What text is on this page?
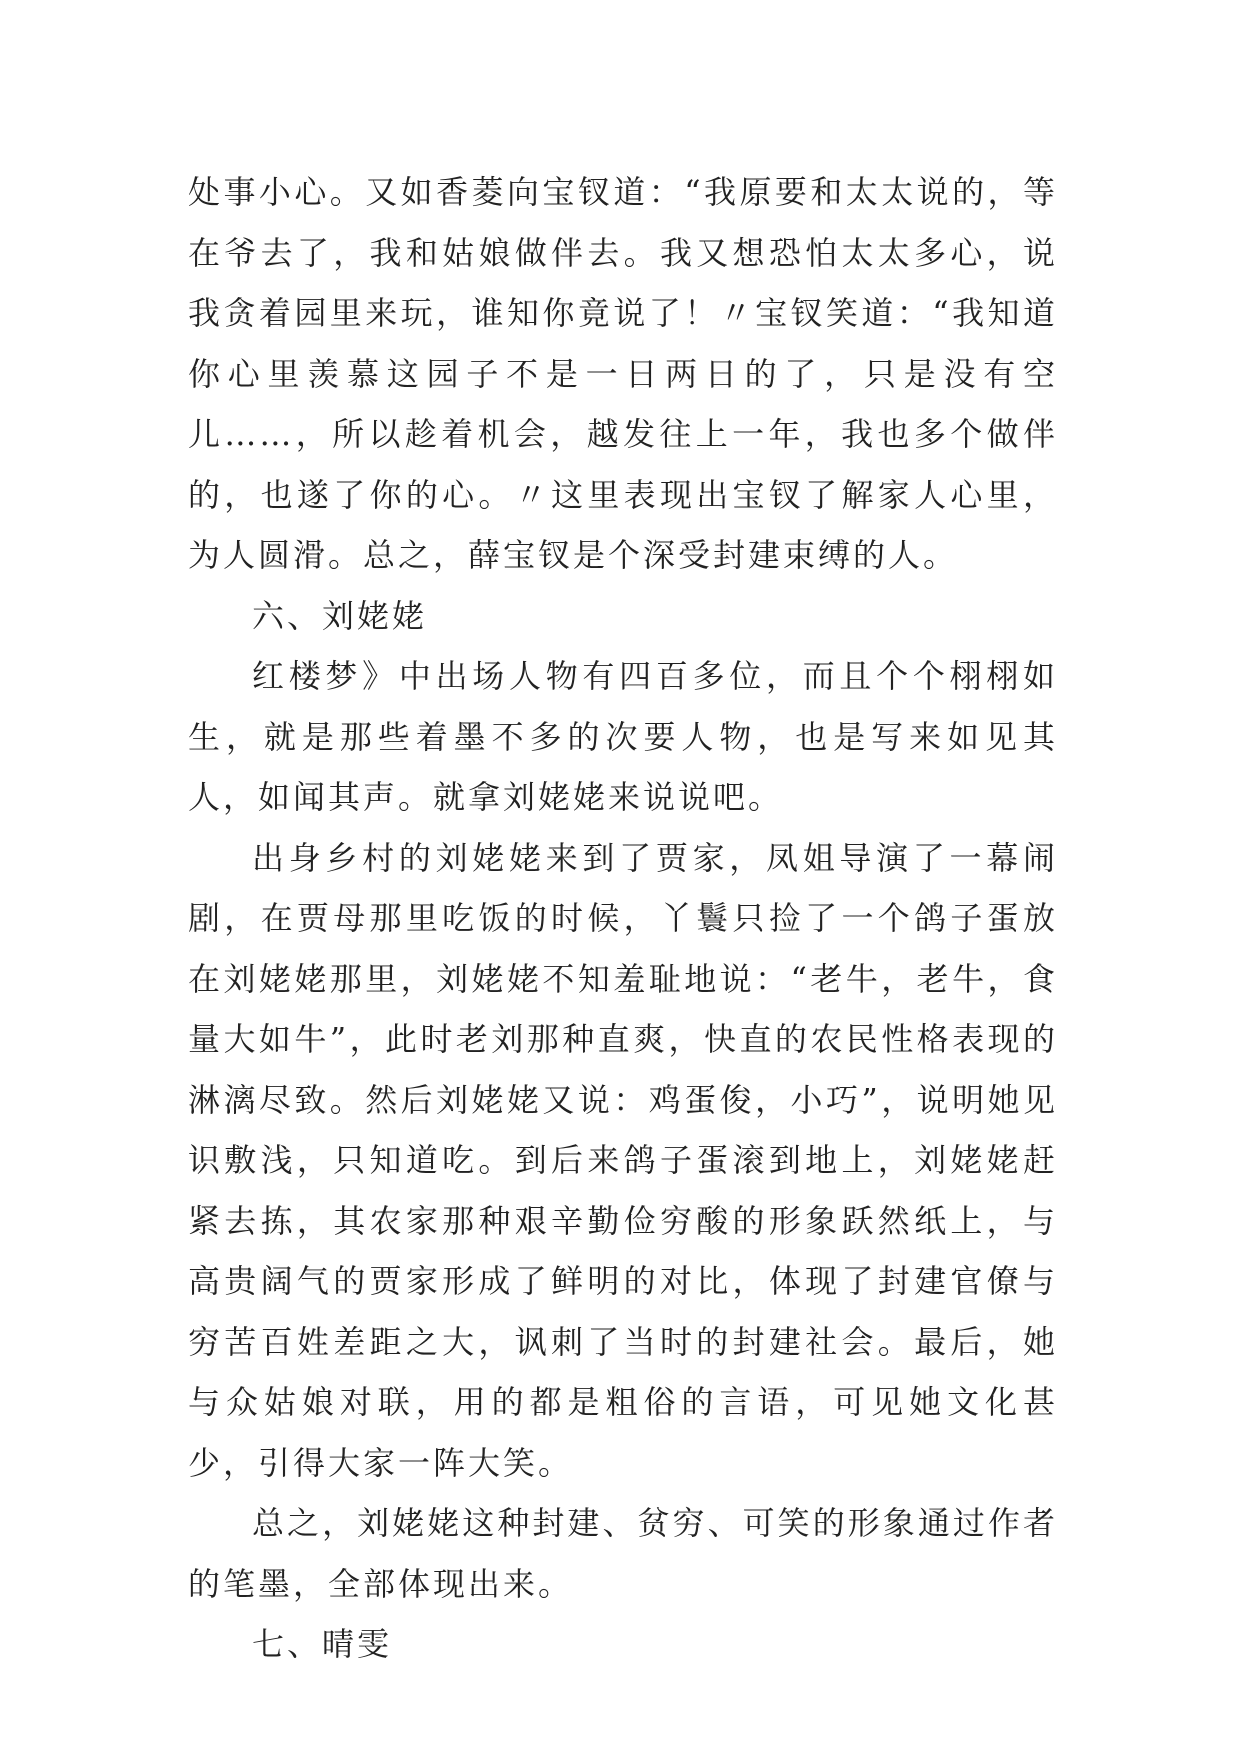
处事小心。又如香菱向宝钗道：“我原要和太太说的，等在爷去了，我和姑娘做伴去。我又想恐怕太太多心，说我贪着园里来玩，谁知你竟说了！〃宝钗笑道：“我知道你心里羡慕这园子不是一日两日的了，只是没有空儿……，所以趁着机会，越发往上一年，我也多个做伴的，也遂了你的心。〃这里表现出宝钗了解家人心里，为人圆滑。总之，薛宝钗是个深受封建束缚的人。

六、刘姥姥

红楼梦》中出场人物有四百多位，而且个个栩栩如生，就是那些着墨不多的次要人物，也是写来如见其人，如闻其声。就拿刘姥姥来说说吧。

出身乡村的刘姥姥来到了贾家，凤姐导演了一幕闹剧，在贾母那里吃饭的时候，丫鬟只捡了一个鸽子蛋放在刘姥姥那里，刘姥姥不知羞耻地说：“老牛，老牛，食量大如牛”，此时老刘那种直爽，快直的农民性格表现的淋漓尽致。然后刘姥姥又说：鸡蛋俊，小巧”，说明她见识敷浅，只知道吃。到后来鸽子蛋滚到地上，刘姥姥赶紧去拣，其农家那种艰辛勤俭穷酸的形象跃然纸上，与高贵阔气的贾家形成了鲜明的对比，体现了封建官僚与穷苦百姓差距之大，讽刺了当时的封建社会。最后，她与众姑娘对联，用的都是粗俗的言语，可见她文化甚少，引得大家一阵大笑。

总之，刘姥姥这种封建、贫穷、可笑的形象通过作者的笔墨，全部体现出来。

七、晴雯
